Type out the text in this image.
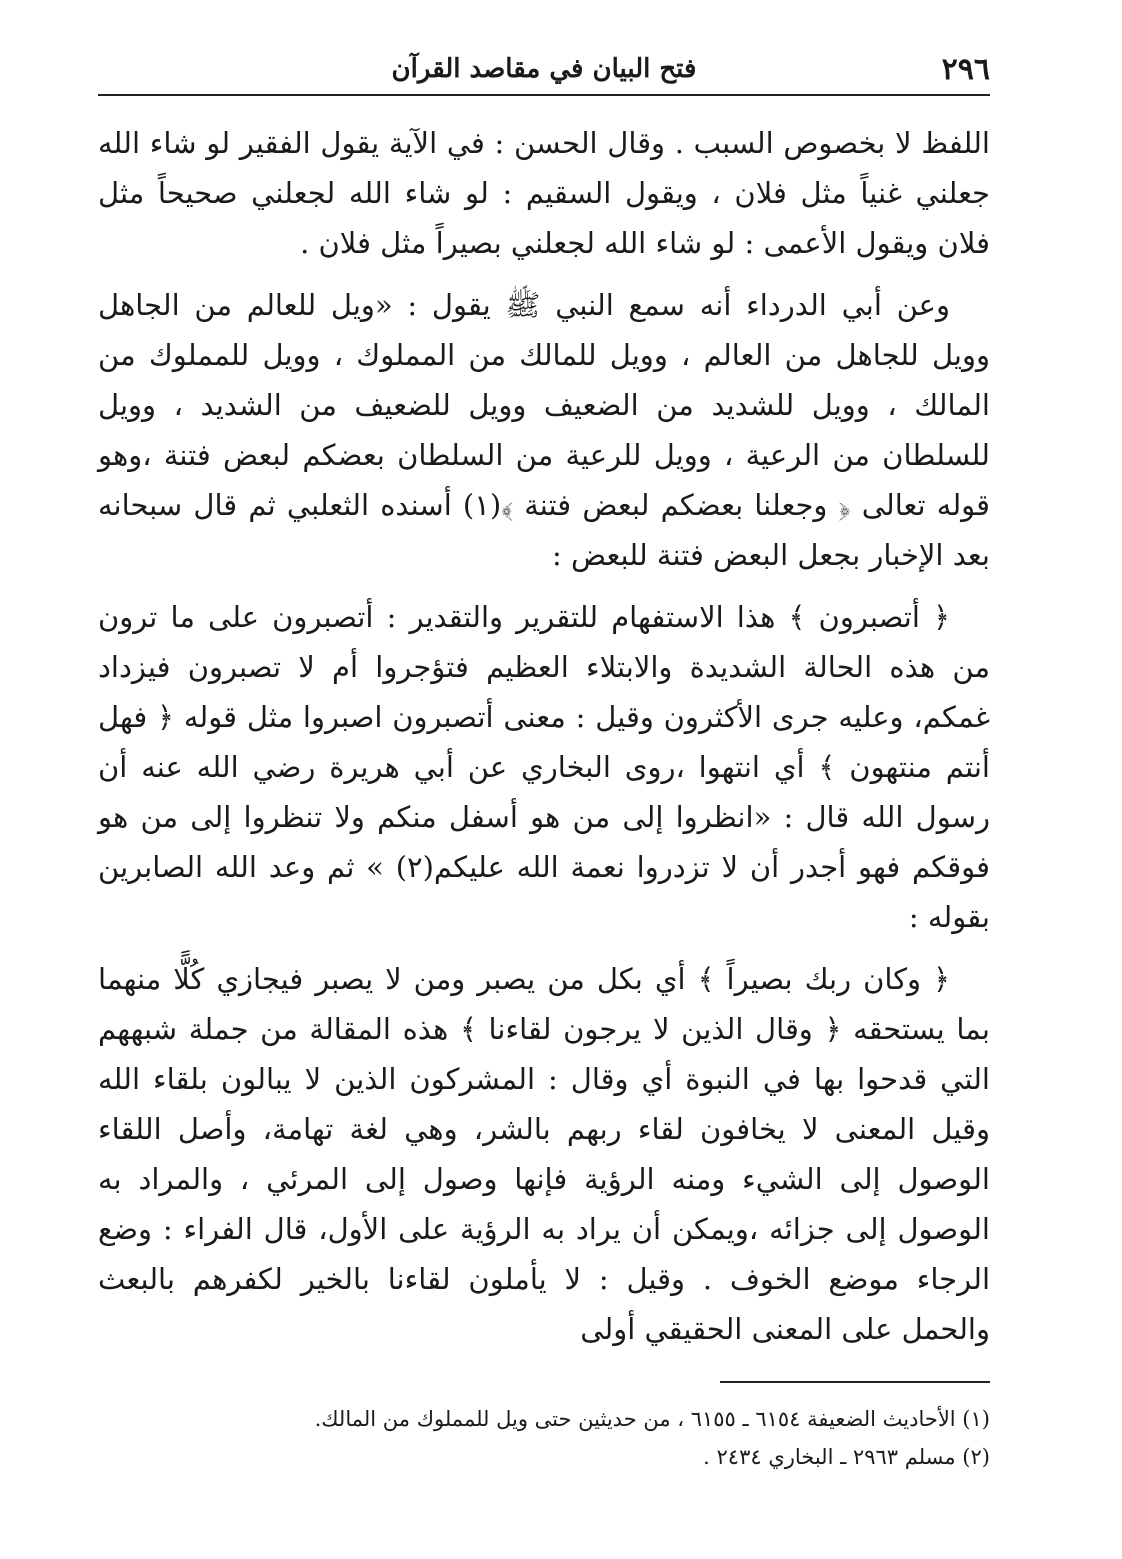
٢٩٦
فتح البيان في مقاصد القرآن

اللفظ لا بخصوص السبب . وقال الحسن : في الآية يقول الفقير لو شاء الله جعلني غنياً مثل فلان ، ويقول السقيم : لو شاء الله لجعلني صحيحاً مثل فلان ويقول الأعمى : لو شاء الله لجعلني بصيراً مثل فلان .

وعن أبي الدرداء أنه سمع النبي ﷺ يقول : «ويل للعالم من الجاهل وويل للجاهل من العالم ، وويل للمالك من المملوك ، وويل للمملوك من المالك ، وويل للشديد من الضعيف وويل للضعيف من الشديد ، وويل للسلطان من الرعية ، وويل للرعية من السلطان بعضكم لبعض فتنة ،وهو قوله تعالى ﴿ وجعلنا بعضكم لبعض فتنة ﴾(١) أسنده الثعلبي ثم قال سبحانه بعد الإخبار بجعل البعض فتنة للبعض :

﴿ أتصبرون ﴾ هذا الاستفهام للتقرير والتقدير : أتصبرون على ما ترون من هذه الحالة الشديدة والابتلاء العظيم فتؤجروا أم لا تصبرون فيزداد غمكم، وعليه جرى الأكثرون وقيل : معنى أتصبرون اصبروا مثل قوله ﴿ فهل أنتم منتهون ﴾ أي انتهوا ،روى البخاري عن أبي هريرة رضي الله عنه أن رسول الله قال : «انظروا إلى من هو أسفل منكم ولا تنظروا إلى من هو فوقكم فهو أجدر أن لا تزدروا نعمة الله عليكم(٢) » ثم وعد الله الصابرين بقوله :

﴿ وكان ربك بصيراً ﴾ أي بكل من يصبر ومن لا يصبر فيجازي كُلًّا منهما بما يستحقه ﴿ وقال الذين لا يرجون لقاءنا ﴾ هذه المقالة من جملة شبههم التي قدحوا بها في النبوة أي وقال : المشركون الذين لا يبالون بلقاء الله وقيل المعنى لا يخافون لقاء ربهم بالشر، وهي لغة تهامة، وأصل اللقاء الوصول إلى الشيء ومنه الرؤية فإنها وصول إلى المرئي ، والمراد به الوصول إلى جزائه ،ويمكن أن يراد به الرؤية على الأول، قال الفراء : وضع الرجاء موضع الخوف . وقيل : لا يأملون لقاءنا بالخير لكفرهم بالبعث والحمل على المعنى الحقيقي أولى

(١) الأحاديث الضعيفة ٦١٥٤ ـ ٦١٥٥ ، من حديثين حتى ويل للمملوك من المالك.

(٢) مسلم ٢٩٦٣ ـ البخاري ٢٤٣٤ .
